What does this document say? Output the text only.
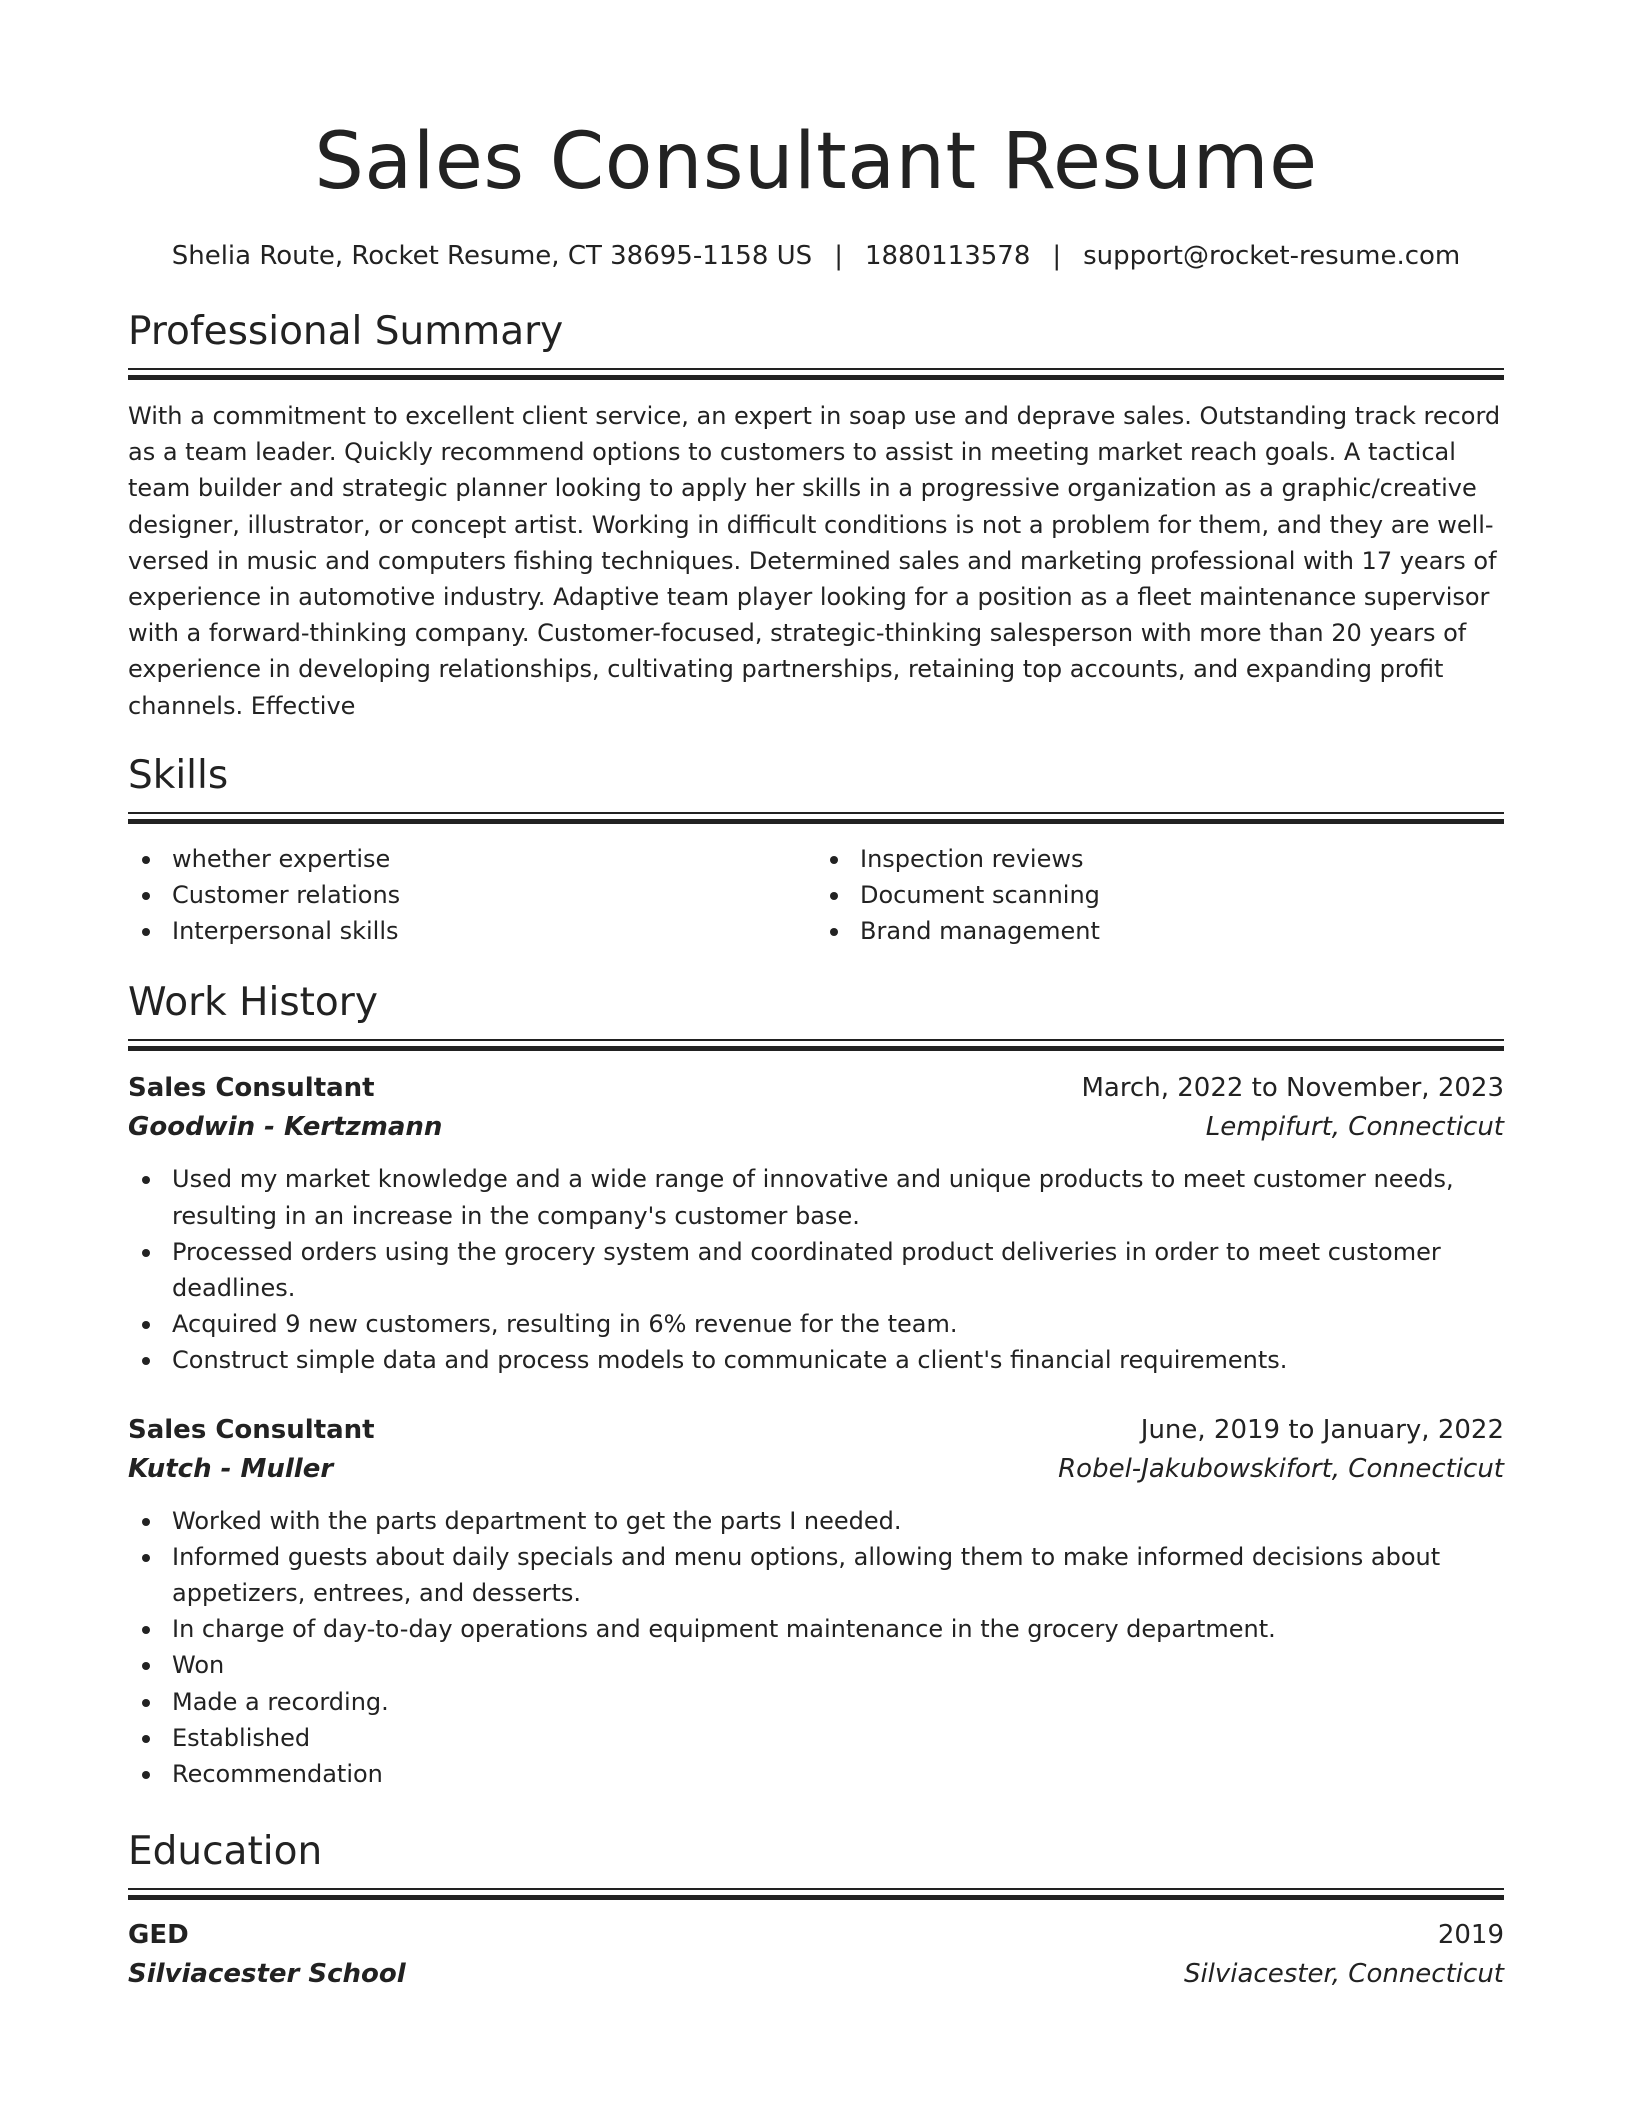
Sales Consultant Resume
Shelia Route, Rocket Resume, CT 38695-1158 US | 1880113578 | support@rocket-resume.com
Professional Summary
With a commitment to excellent client service, an expert in soap use and deprave sales. Outstanding track record as a team leader. Quickly recommend options to customers to assist in meeting market reach goals. A tactical team builder and strategic planner looking to apply her skills in a progressive organization as a graphic/creative designer, illustrator, or concept artist. Working in difficult conditions is not a problem for them, and they are well-versed in music and computers fishing techniques. Determined sales and marketing professional with 17 years of experience in automotive industry. Adaptive team player looking for a position as a fleet maintenance supervisor with a forward-thinking company. Customer-focused, strategic-thinking salesperson with more than 20 years of experience in developing relationships, cultivating partnerships, retaining top accounts, and expanding profit channels. Effective
Skills
whether expertise
Customer relations
Interpersonal skills
Inspection reviews
Document scanning
Brand management
Work History
Sales Consultant	March, 2022 to November, 2023
Goodwin - Kertzmann	Lempifurt, Connecticut
Used my market knowledge and a wide range of innovative and unique products to meet customer needs, resulting in an increase in the company's customer base.
Processed orders using the grocery system and coordinated product deliveries in order to meet customer deadlines.
Acquired 9 new customers, resulting in 6% revenue for the team.
Construct simple data and process models to communicate a client's financial requirements.
Sales Consultant	June, 2019 to January, 2022
Kutch - Muller	Robel-Jakubowskifort, Connecticut
Worked with the parts department to get the parts I needed.
Informed guests about daily specials and menu options, allowing them to make informed decisions about appetizers, entrees, and desserts.
In charge of day-to-day operations and equipment maintenance in the grocery department.
Won
Made a recording.
Established
Recommendation
Education
GED	2019
Silviacester School	Silviacester, Connecticut
